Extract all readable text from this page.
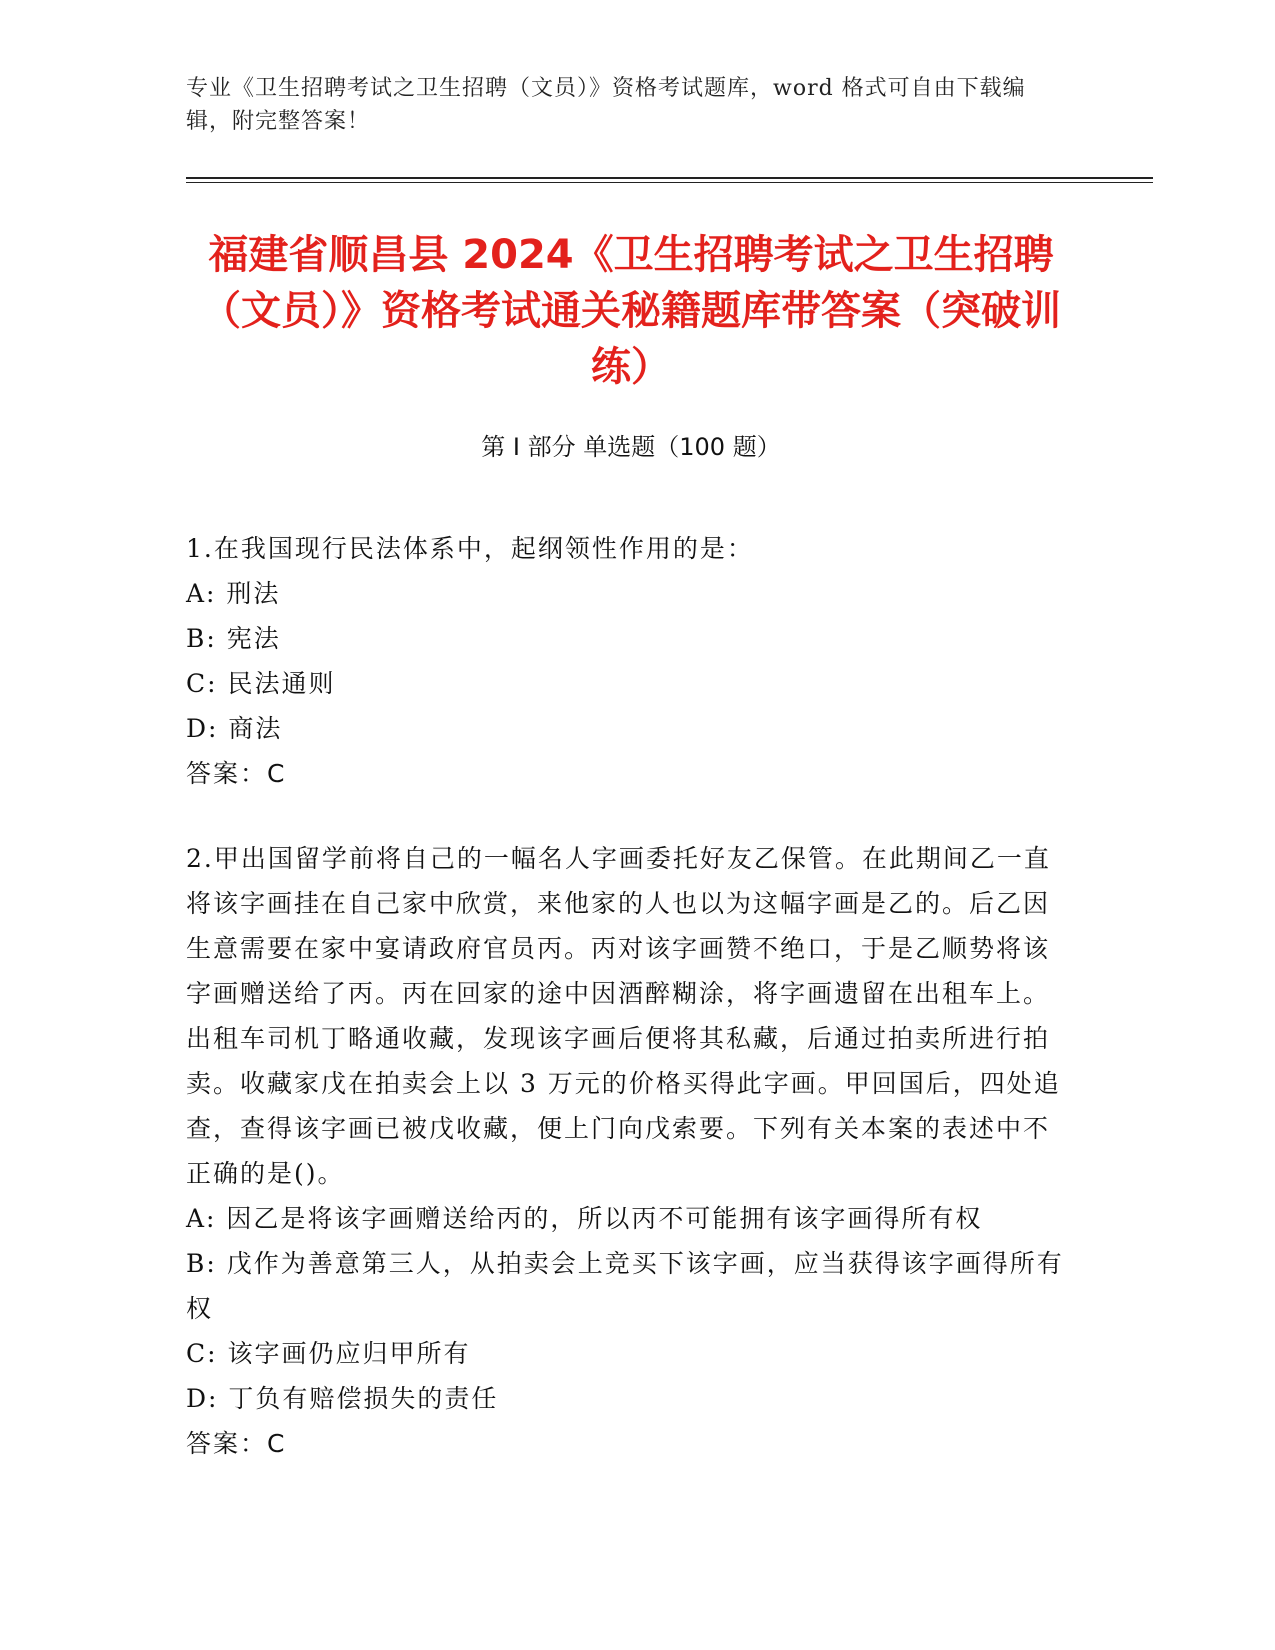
专业《卫生招聘考试之卫生招聘（文员）》资格考试题库，word 格式可自由下载编辑，附完整答案！
福建省顺昌县 2024《卫生招聘考试之卫生招聘（文员）》资格考试通关秘籍题库带答案（突破训练）
第 I 部分 单选题（100 题）
1.在我国现行民法体系中，起纲领性作用的是：
A: 刑法
B: 宪法
C: 民法通则
D: 商法
答案：C
2.甲出国留学前将自己的一幅名人字画委托好友乙保管。在此期间乙一直将该字画挂在自己家中欣赏，来他家的人也以为这幅字画是乙的。后乙因生意需要在家中宴请政府官员丙。丙对该字画赞不绝口，于是乙顺势将该字画赠送给了丙。丙在回家的途中因酒醉糊涂，将字画遗留在出租车上。出租车司机丁略通收藏，发现该字画后便将其私藏，后通过拍卖所进行拍卖。收藏家戊在拍卖会上以 3 万元的价格买得此字画。甲回国后，四处追查，查得该字画已被戊收藏，便上门向戊索要。下列有关本案的表述中不正确的是()。
A: 因乙是将该字画赠送给丙的，所以丙不可能拥有该字画得所有权
B: 戊作为善意第三人，从拍卖会上竞买下该字画，应当获得该字画得所有权
C: 该字画仍应归甲所有
D: 丁负有赔偿损失的责任
答案：C
